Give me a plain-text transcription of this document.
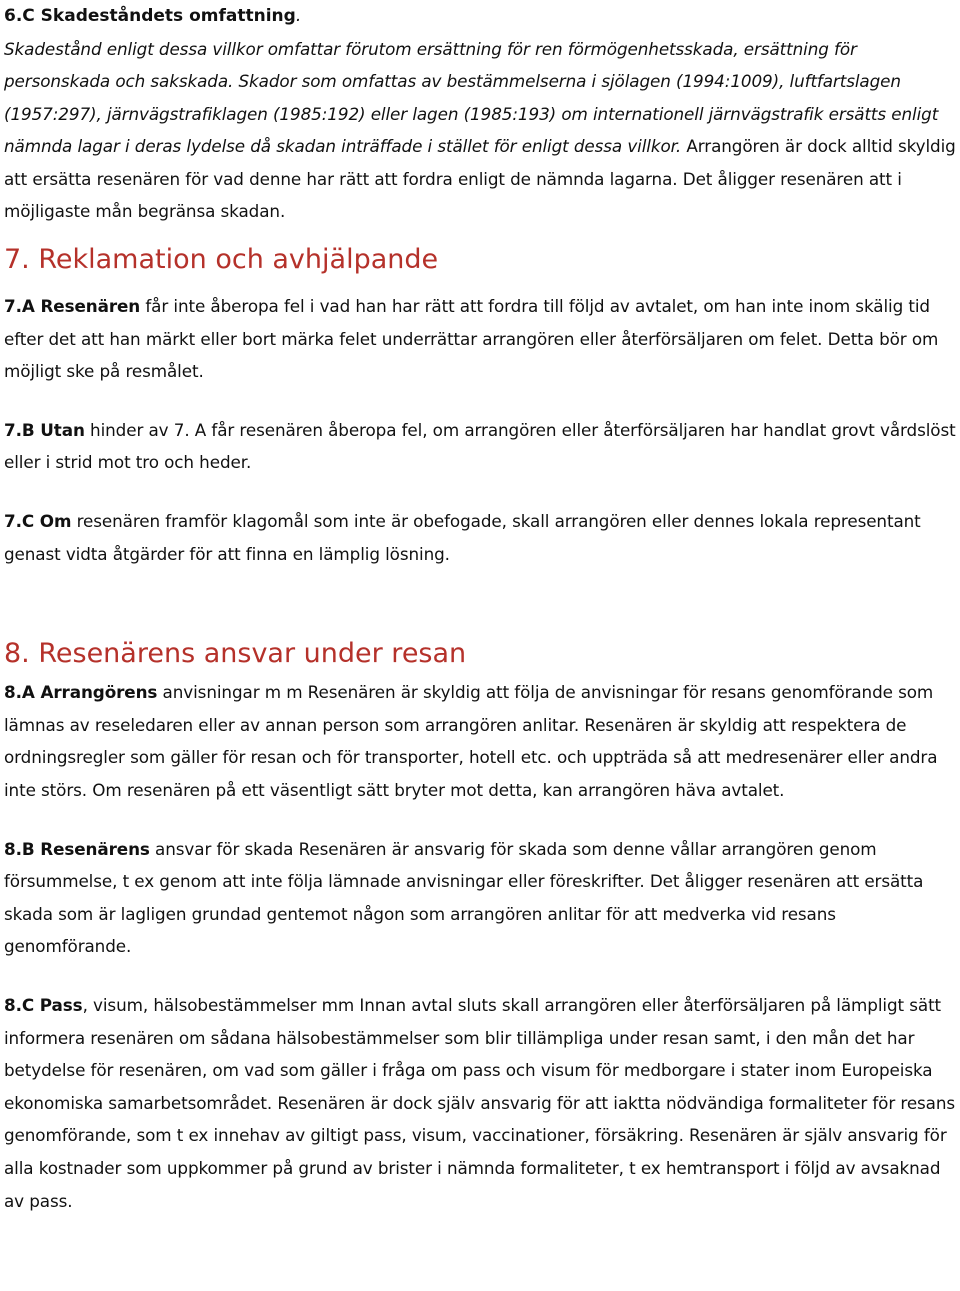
6.C Skadeståndets omfattning.

Skadestånd enligt dessa villkor omfattar förutom ersättning för ren förmögenhetsskada, ersättning för personskada och sakskada. Skador som omfattas av bestämmelserna i sjölagen (1994:1009), luftfartslagen (1957:297), järnvägstrafiklagen (1985:192) eller lagen (1985:193) om internationell järnvägstrafik ersätts enligt nämnda lagar i deras lydelse då skadan inträffade i stället för enligt dessa villkor. Arrangören är dock alltid skyldig att ersätta resenären för vad denne har rätt att fordra enligt de nämnda lagarna. Det åligger resenären att i möjligaste mån begränsa skadan.

7. Reklamation och avhjälpande

7.A Resenären får inte åberopa fel i vad han har rätt att fordra till följd av avtalet, om han inte inom skälig tid efter det att han märkt eller bort märka felet underrättar arrangören eller återförsäljaren om felet. Detta bör om möjligt ske på resmålet.

7.B Utan hinder av 7. A får resenären åberopa fel, om arrangören eller återförsäljaren har handlat grovt vårdslöst eller i strid mot tro och heder.

7.C Om resenären framför klagomål som inte är obefogade, skall arrangören eller dennes lokala representant genast vidta åtgärder för att finna en lämplig lösning.

8. Resenärens ansvar under resan

8.A Arrangörens anvisningar m m Resenären är skyldig att följa de anvisningar för resans genomförande som lämnas av reseledaren eller av annan person som arrangören anlitar. Resenären är skyldig att respektera de ordningsregler som gäller för resan och för transporter, hotell etc. och uppträda så att medresenärer eller andra inte störs. Om resenären på ett väsentligt sätt bryter mot detta, kan arrangören häva avtalet.

8.B Resenärens ansvar för skada Resenären är ansvarig för skada som denne vållar arrangören genom försummelse, t ex genom att inte följa lämnade anvisningar eller föreskrifter. Det åligger resenären att ersätta skada som är lagligen grundad gentemot någon som arrangören anlitar för att medverka vid resans genomförande.

8.C Pass, visum, hälsobestämmelser mm Innan avtal sluts skall arrangören eller återförsäljaren på lämpligt sätt informera resenären om sådana hälsobestämmelser som blir tillämpliga under resan samt, i den mån det har betydelse för resenären, om vad som gäller i fråga om pass och visum för medborgare i stater inom Europeiska ekonomiska samarbetsområdet. Resenären är dock själv ansvarig för att iaktta nödvändiga formaliteter för resans genomförande, som t ex innehav av giltigt pass, visum, vaccinationer, försäkring. Resenären är själv ansvarig för alla kostnader som uppkommer på grund av brister i nämnda formaliteter, t ex hemtransport i följd av avsaknad av pass.
